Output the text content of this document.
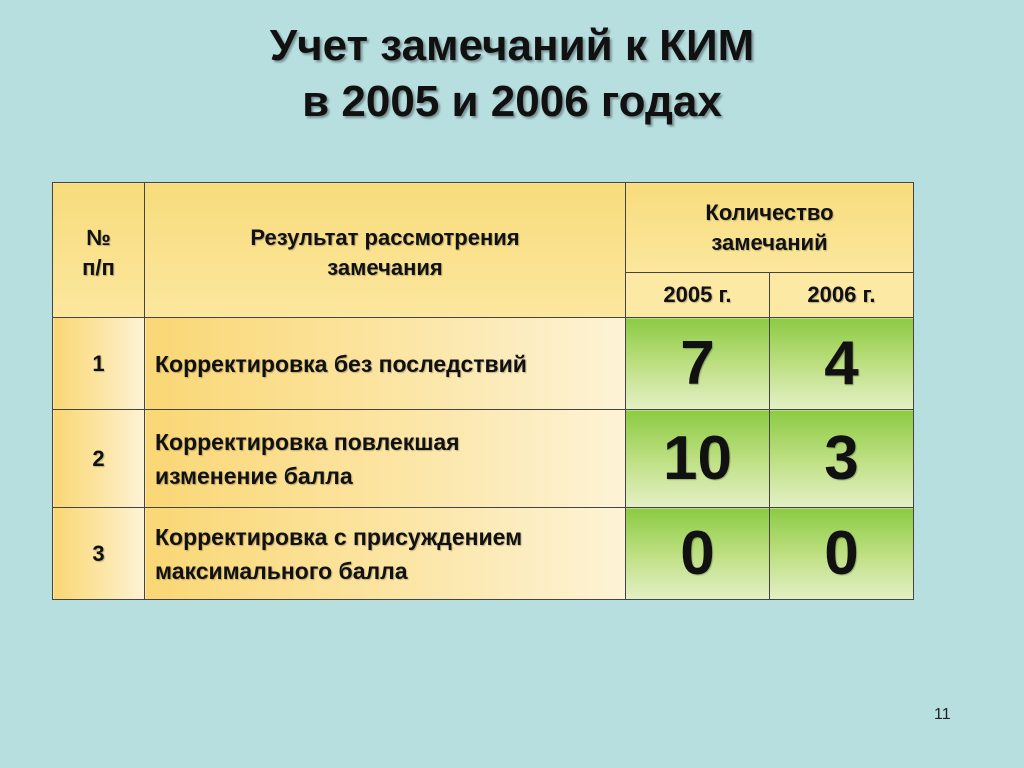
Учет замечаний к КИМ
в 2005 и 2006 годах
№ п/п	Результат рассмотрения замечания	Количество замечаний	

		2005 г.	2006 г.
1	Корректировка без последствий	7	4
2	Корректировка повлекшая изменение балла	10	3
3	Корректировка с присуждением максимального балла	0	0
11
